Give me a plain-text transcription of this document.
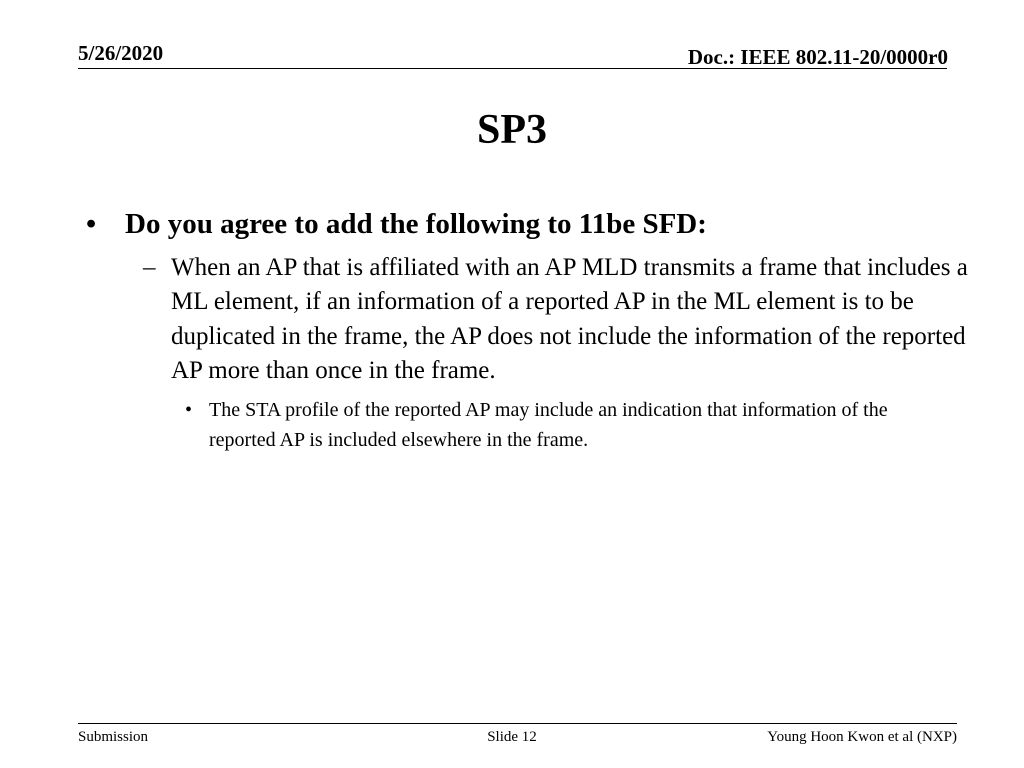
5/26/2020	Doc.: IEEE 802.11-20/0000r0
SP3
• Do you agree to add the following to 11be SFD:
– When an AP that is affiliated with an AP MLD transmits a frame that includes a ML element, if an information of a reported AP in the ML element is to be duplicated in the frame, the AP does not include the information of the reported AP more than once in the frame.
• The STA profile of the reported AP may include an indication that information of the reported AP is included elsewhere in the frame.
Submission	Slide 12	Young Hoon Kwon et al (NXP)
